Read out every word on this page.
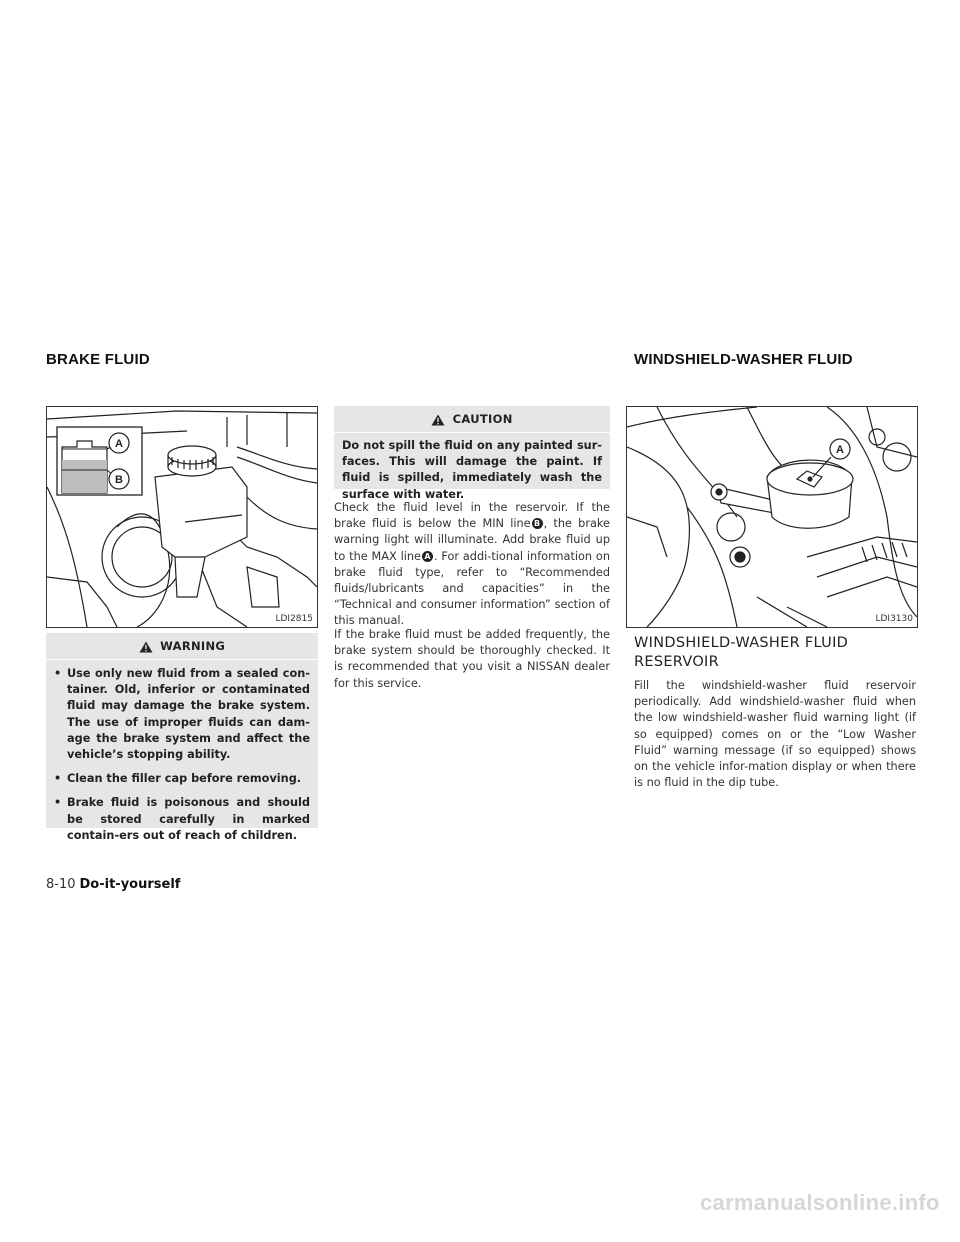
BRAKE FLUID	WINDSHIELD-WASHER FLUID
A
B
LDI2815
WARNING
• Use only new fluid from a sealed con-tainer. Old, inferior or contaminated fluid may damage the brake system. The use of improper fluids can dam-age the brake system and affect the vehicle’s stopping ability.
• Clean the filler cap before removing.
• Brake fluid is poisonous and should be stored carefully in marked contain-ers out of reach of children.
CAUTION
Do not spill the fluid on any painted sur-faces. This will damage the paint. If fluid is spilled, immediately wash the surface with water.
Check the fluid level in the reservoir. If the brake fluid is below the MIN line B , the brake warning light will illuminate. Add brake fluid up to the MAX line A . For addi-tional information on brake fluid type, refer to “Recommended fluids/lubricants and capacities” in the “Technical and consumer information” section of this manual.
If the brake fluid must be added frequently, the brake system should be thoroughly checked. It is recommended that you visit a NISSAN dealer for this service.
A
LDI3130
WINDSHIELD-WASHER FLUID RESERVOIR
Fill the windshield-washer fluid reservoir periodically. Add windshield-washer fluid when the low windshield-washer fluid warning light (if so equipped) comes on or the “Low Washer Fluid” warning message (if so equipped) shows on the vehicle infor-mation display or when there is no fluid in the dip tube.
8-10 Do-it-yourself
carmanualsonline.info
